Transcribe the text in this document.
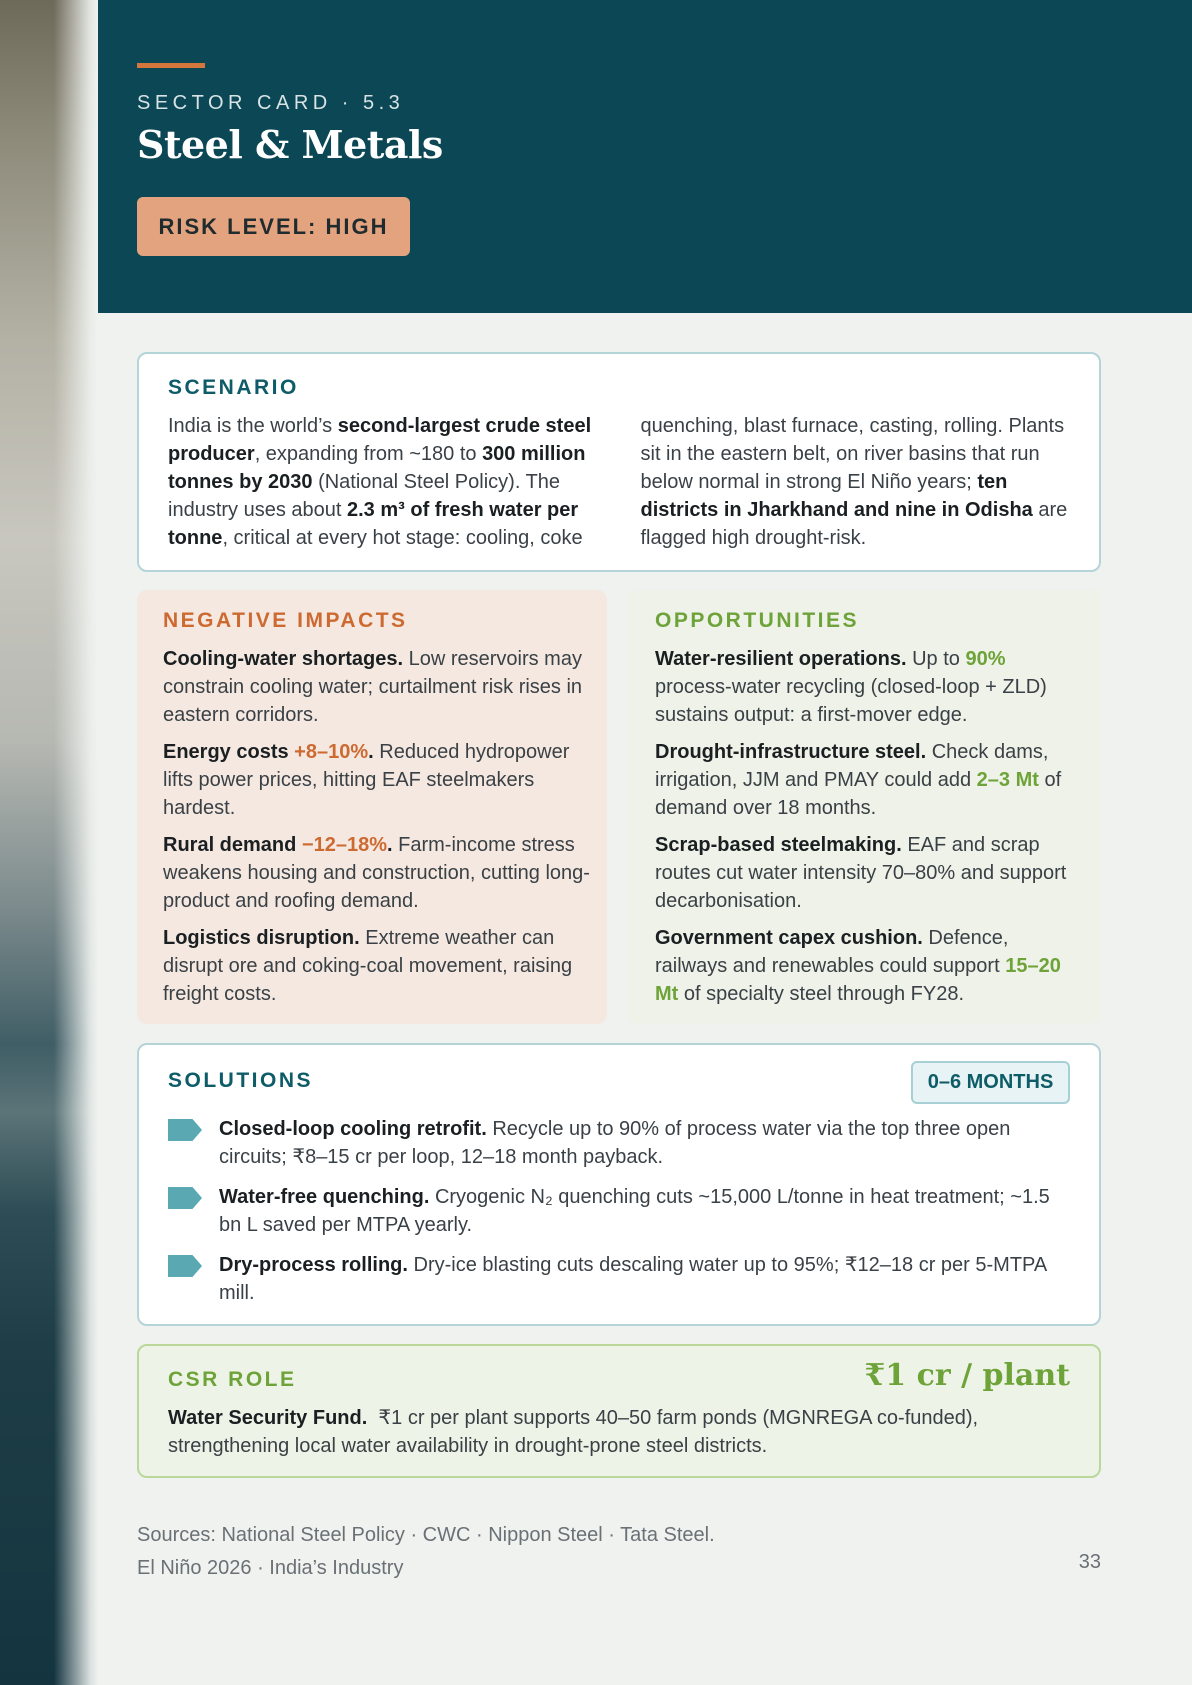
SECTOR CARD · 5.3
Steel & Metals
RISK LEVEL: HIGH
SCENARIO
India is the world’s second-largest crude steel producer, expanding from ~180 to 300 million tonnes by 2030 (National Steel Policy). The industry uses about 2.3 m³ of fresh water per tonne, critical at every hot stage: cooling, coke quenching, blast furnace, casting, rolling. Plants sit in the eastern belt, on river basins that run below normal in strong El Niño years; ten districts in Jharkhand and nine in Odisha are flagged high drought-risk.
NEGATIVE IMPACTS
Cooling-water shortages. Low reservoirs may constrain cooling water; curtailment risk rises in eastern corridors.
Energy costs +8–10%. Reduced hydropower lifts power prices, hitting EAF steelmakers hardest.
Rural demand −12–18%. Farm-income stress weakens housing and construction, cutting long-product and roofing demand.
Logistics disruption. Extreme weather can disrupt ore and coking-coal movement, raising freight costs.
OPPORTUNITIES
Water-resilient operations. Up to 90% process-water recycling (closed-loop + ZLD) sustains output: a first-mover edge.
Drought-infrastructure steel. Check dams, irrigation, JJM and PMAY could add 2–3 Mt of demand over 18 months.
Scrap-based steelmaking. EAF and scrap routes cut water intensity 70–80% and support decarbonisation.
Government capex cushion. Defence, railways and renewables could support 15–20 Mt of specialty steel through FY28.
SOLUTIONS	0–6 MONTHS
Closed-loop cooling retrofit. Recycle up to 90% of process water via the top three open circuits; ₹8–15 cr per loop, 12–18 month payback.
Water-free quenching. Cryogenic N₂ quenching cuts ~15,000 L/tonne in heat treatment; ~1.5 bn L saved per MTPA yearly.
Dry-process rolling. Dry-ice blasting cuts descaling water up to 95%; ₹12–18 cr per 5-MTPA mill.
CSR ROLE	₹1 cr / plant
Water Security Fund.  ₹1 cr per plant supports 40–50 farm ponds (MGNREGA co-funded), strengthening local water availability in drought-prone steel districts.
Sources: National Steel Policy · CWC · Nippon Steel · Tata Steel.
El Niño 2026 · India’s Industry	33
